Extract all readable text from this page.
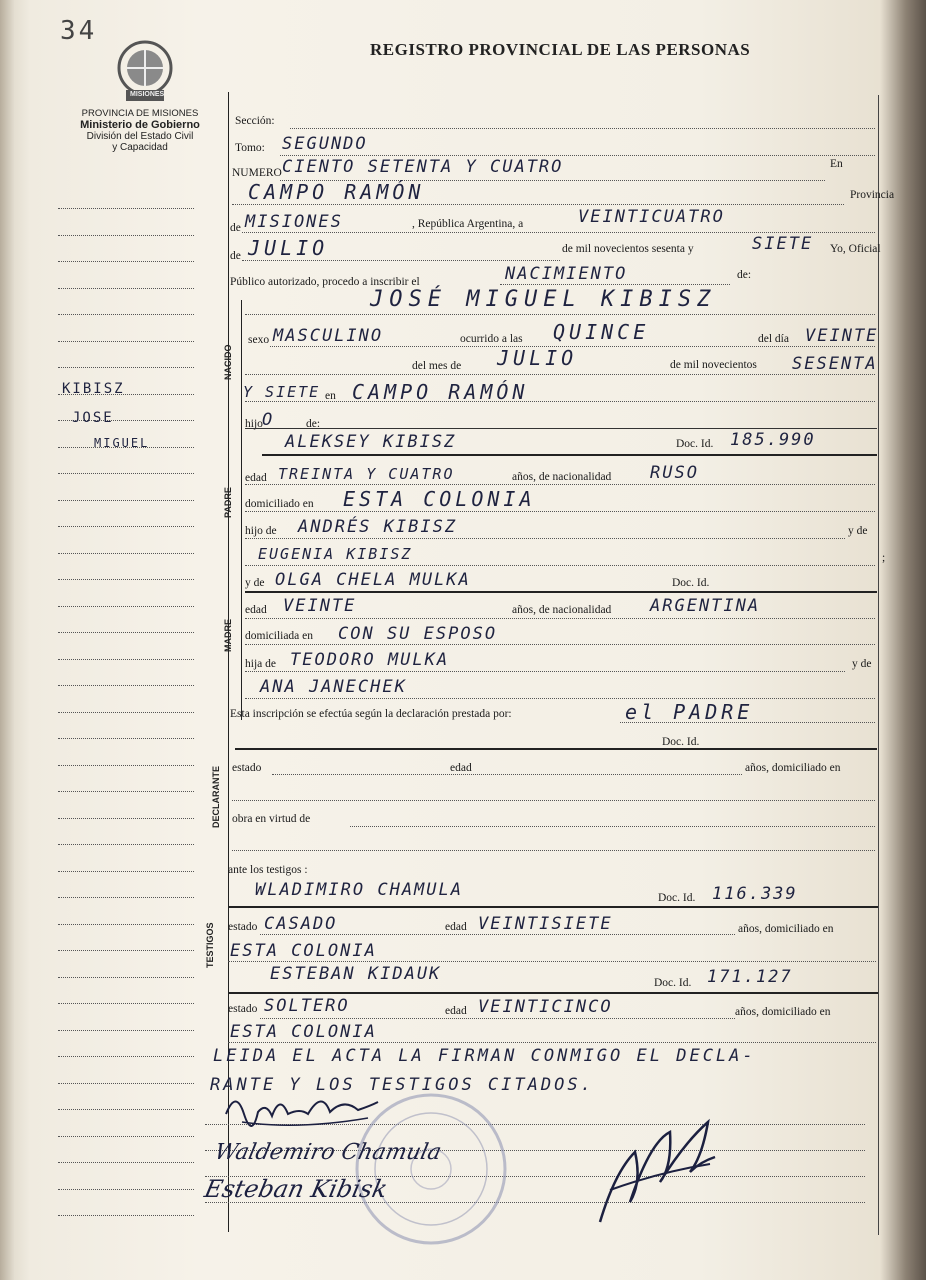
34
MISIONES
PROVINCIA DE MISIONES
Ministerio de Gobierno
División del Estado Civil
y Capacidad
REGISTRO PROVINCIAL DE LAS PERSONAS
KIBISZ
JOSE
MIGUEL
NACIDO
PADRE
MADRE
DECLARANTE
TESTIGOS
Sección:
Tomo: SEGUNDO
NUMERO CIENTO SETENTA Y CUATRO	En
CAMPO RAMÓN	Provincia
de MISIONES	, República Argentina, a	VEINTICUATRO
de JULIO	de mil novecientos sesenta y	SIETE Yo, Oficial
Público autorizado, procedo a inscribir el	NACIMIENTO	de:
JOSÉ MIGUEL KIBISZ
sexo MASCULINO	ocurrido a las QUINCE	del día VEINTE
del mes de JULIO	de mil novecientos SESENTA
Y SIETE en CAMPO RAMÓN
hijo O	de:
ALEKSEY KIBISZ	Doc. Id. 185.990
edad TREINTA Y CUATRO	años, de nacionalidad RUSO
domiciliado en ESTA COLONIA
hijo de ANDRÉS KIBISZ	y de
EUGENIA KIBISZ	;
y de OLGA CHELA MULKA	Doc. Id.
edad VEINTE	años, de nacionalidad ARGENTINA
domiciliada en CON SU ESPOSO
hija de TEODORO MULKA	y de
ANA JANECHEK
Esta inscripción se efectúa según la declaración prestada por:	el PADRE
Doc. Id.
estado	edad	años, domiciliado en
obra en virtud de
ante los testigos :
WLADIMIRO CHAMULA	Doc. Id. 116.339
estado CASADO	edad VEINTISIETE	años, domiciliado en
ESTA COLONIA
ESTEBAN KIDAUK	Doc. Id. 171.127
estado SOLTERO	edad VEINTICINCO	años, domiciliado en
ESTA COLONIA
LEIDA EL ACTA LA FIRMAN CONMIGO EL DECLA-
RANTE Y LOS TESTIGOS CITADOS.
Waldemiro Chamula
Esteban Kibisk
